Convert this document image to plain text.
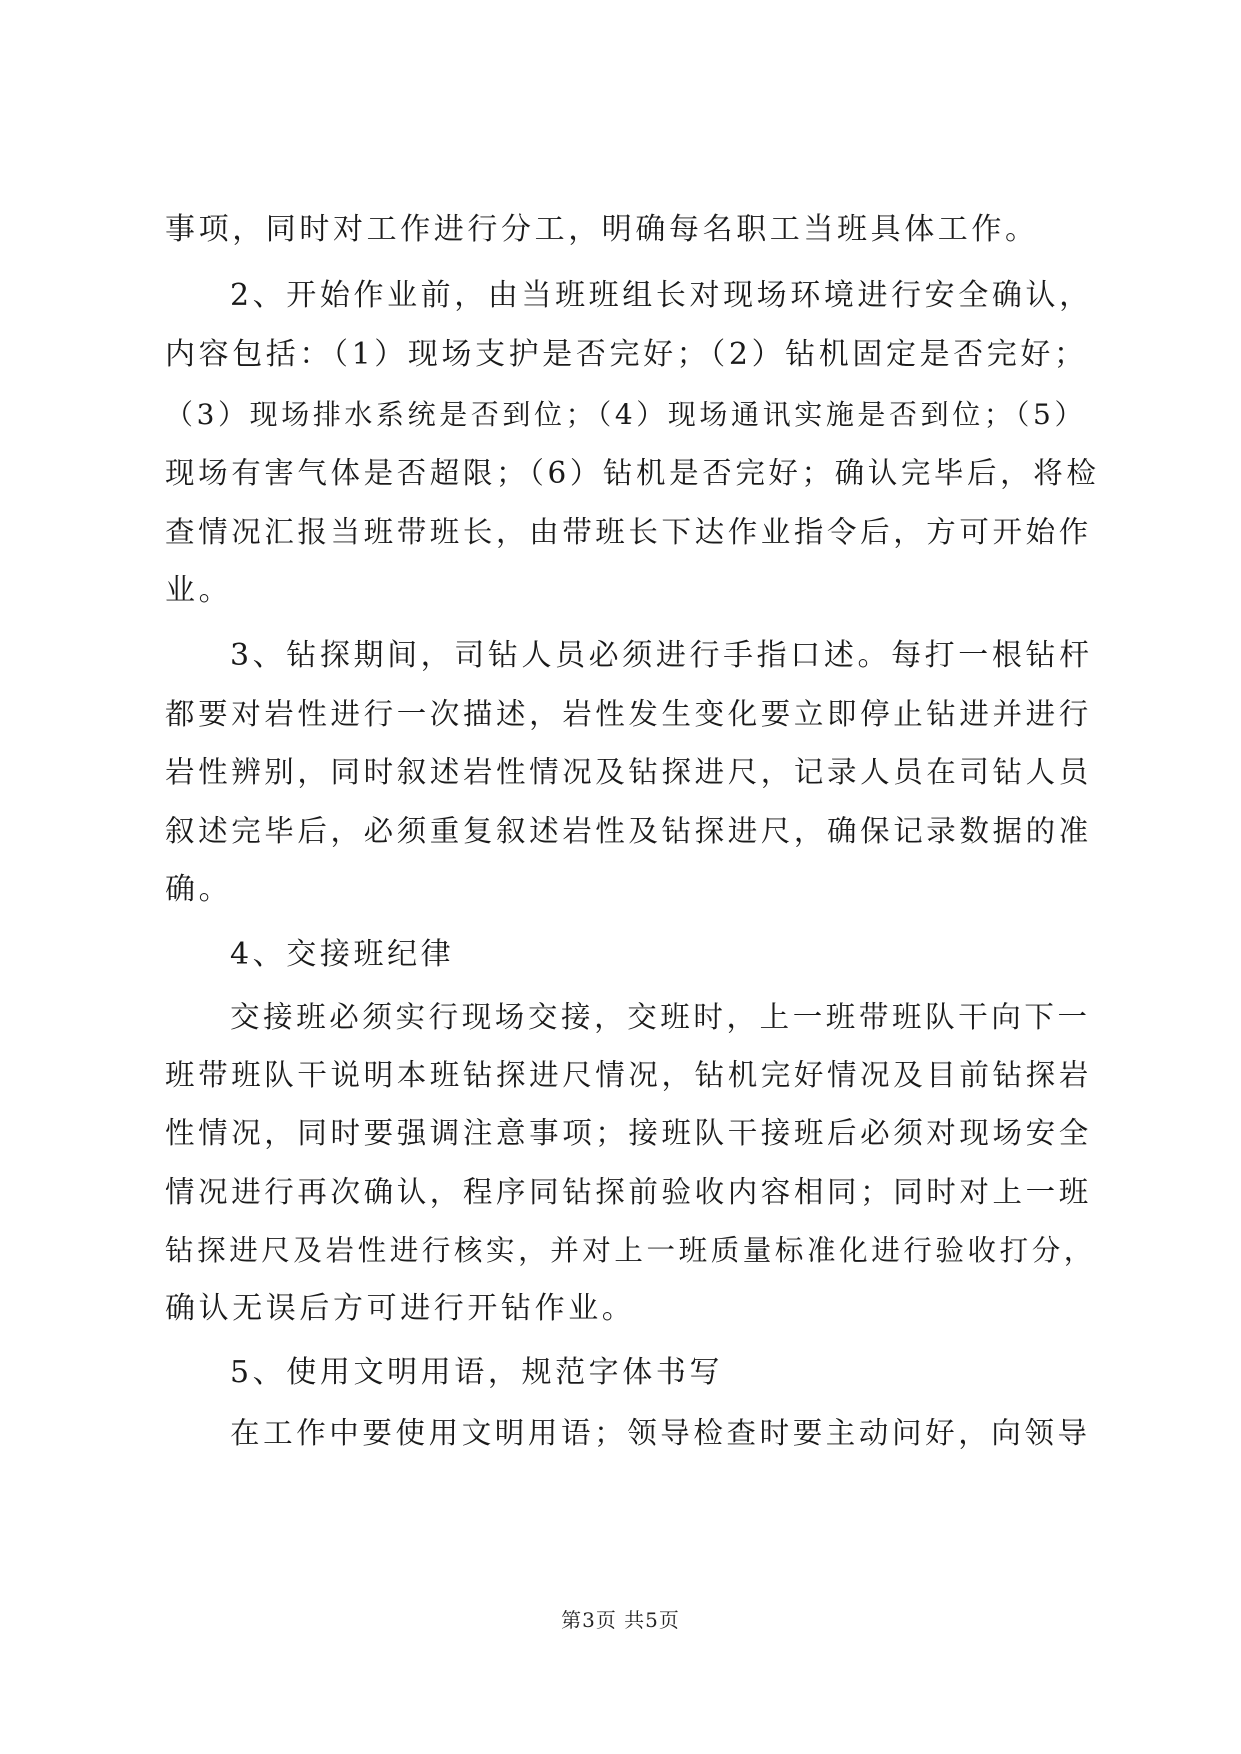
事项，同时对工作进行分工，明确每名职工当班具体工作。
2、开始作业前，由当班班组长对现场环境进行安全确认，
内容包括：（1）现场支护是否完好；（2）钻机固定是否完好；
（3）现场排水系统是否到位；（4）现场通讯实施是否到位；（5）
现场有害气体是否超限；（6）钻机是否完好；确认完毕后，将检
查情况汇报当班带班长，由带班长下达作业指令后，方可开始作
业。
3、钻探期间，司钻人员必须进行手指口述。每打一根钻杆
都要对岩性进行一次描述，岩性发生变化要立即停止钻进并进行
岩性辨别，同时叙述岩性情况及钻探进尺，记录人员在司钻人员
叙述完毕后，必须重复叙述岩性及钻探进尺，确保记录数据的准
确。
4、交接班纪律
交接班必须实行现场交接，交班时，上一班带班队干向下一
班带班队干说明本班钻探进尺情况，钻机完好情况及目前钻探岩
性情况，同时要强调注意事项；接班队干接班后必须对现场安全
情况进行再次确认，程序同钻探前验收内容相同；同时对上一班
钻探进尺及岩性进行核实，并对上一班质量标准化进行验收打分，
确认无误后方可进行开钻作业。
5、使用文明用语，规范字体书写
在工作中要使用文明用语；领导检查时要主动问好，向领导
第3页 共5页
